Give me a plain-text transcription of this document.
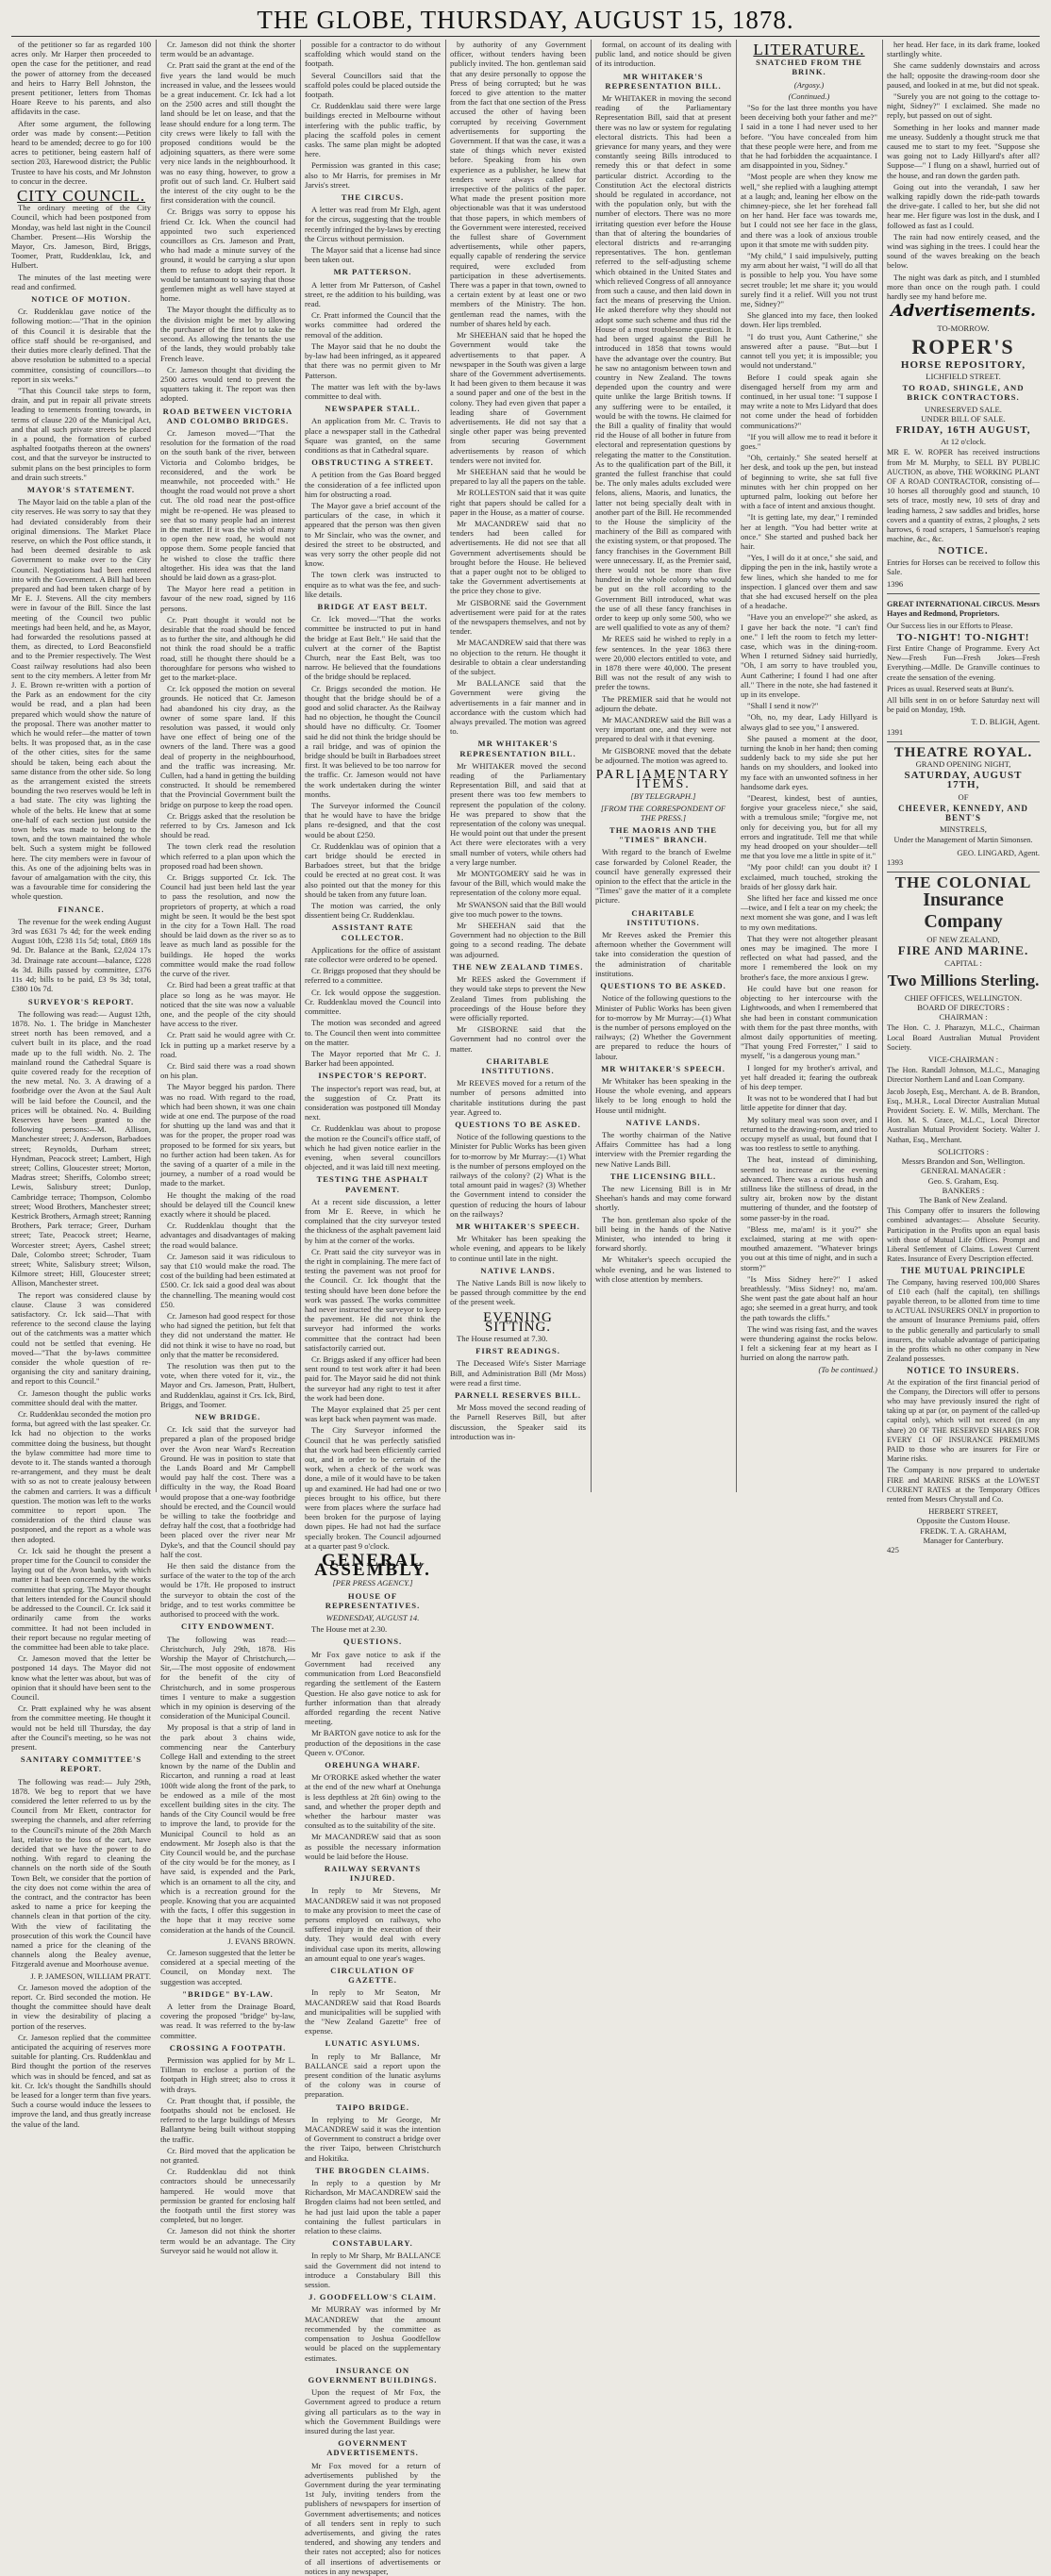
THE GLOBE, THURSDAY, AUGUST 15, 1878.

of the petitioner so far as regarded 100 acres only. Mr Harper then proceeded to open the case for the petitioner, and read the power of attorney from the deceased and heirs to Harry Bell Johnston, the present petitioner, letters from Thomas Hoare Reeve to his parents, and also affidavits in the case.

After some argument, the following order was made by consent:—Petition heard to be amended; decree to go for 100 acres to petitioner, being eastern half of section 203, Harewood district; the Public Trustee to have his costs, and Mr Johnston to concur in the decree.

CITY COUNCIL.

The ordinary meeting of the City Council, which had been postponed from Monday, was held last night in the Council Chamber. Present—His Worship the Mayor, Crs. Jameson, Bird, Briggs, Toomer, Pratt, Ruddenklau, Ick, and Hulbert.

The minutes of the last meeting were read and confirmed.

NOTICE OF MOTION.

Cr. Ruddenklau gave notice of the following motion:—"That in the opinion of this Council it is desirable that the office staff should be re-organised, and their duties more clearly defined. That the above resolution be submitted to a special committee, consisting of councillors—to report in six weeks."

"That this Council take steps to form, drain, and put in repair all private streets leading to tenements fronting towards, in terms of clause 220 of the Municipal Act, and that all such private streets be placed in a pound, the formation of curbed asphalted footpaths thereon at the owners' cost, and that the surveyor be instructed to submit plans on the best principles to form and drain such streets."

MAYOR'S STATEMENT.

The Mayor laid on the table a plan of the city reserves. He was sorry to say that they had deviated considerably from their original dimensions. The Market Place reserve, on which the Post office stands, it had been deemed desirable to ask Government to make over to the City Council. Negotiations had been entered into with the Government. A Bill had been prepared and had been taken charge of by Mr E. J. Stevens. All the city members were in favour of the Bill. Since the last meeting of the Council two public meetings had been held, and he, as Mayor, had forwarded the resolutions passed at them, as directed, to Lord Beaconsfield and to the Premier respectively. The West Coast railway resolutions had also been sent to the city members. A letter from Mr J. E. Brown re-written with a portion of the Park as an endowment for the city would be read, and a plan had been prepared which would show the nature of the proposal. There was another matter to which he would refer—the matter of town belts. It was proposed that, as in the case of the other cities, sites for the same should be taken, being each about the same distance from the other side. So long as the arrangement existed the streets bounding the two reserves would be left in a bad state. The city was lighting the whole of the belts. He knew that at some one-half of each section just outside the town belts was made to belong to the town, and the town maintained the whole belt. Such a system might be followed here. The city members were in favour of this. As one of the adjoining belts was in favour of amalgamation with the city, this was a favourable time for considering the whole question.

FINANCE.

The revenue for the week ending August 3rd was £631 7s 4d; for the week ending August 10th, £238 11s 5d; total, £869 18s 9d. Dr. Balance at the Bank, £2,024 17s 3d. Drainage rate account—balance, £228 4s 3d. Bills passed by committee, £376 11s 4d; bills to be paid, £3 9s 3d; total, £380 10s 7d.

SURVEYOR'S REPORT.

The following was read:— August 12th, 1878. No. 1. The bridge in Manchester street north has been removed, and a culvert built in its place, and the road made up to the full width. No. 2. The mainland round the Cathedral Square is quite covered ready for the reception of the new metal. No. 3. A drawing of a footbridge over the Avon at the Saul Ault will be laid before the Council, and the prices will be obtained. No. 4. Building Reserves have been granted to the following persons:—M. Allison, Manchester street; J. Anderson, Barbadoes street; Reynolds, Durham street; Hyndman, Peacock street; Lambert, High street; Collins, Gloucester street; Morton, Madras street; Sheriffs, Colombo street; Lewis, Salisbury street; Dunlop, Cambridge terrace; Thompson, Colombo street; Wood Brothers, Manchester street; Kestrick Brothers, Armagh street; Ranning Brothers, Park terrace; Greer, Durham street; Tate, Peacock street; Hearne, Worcester street; Ayers, Cashel street; Dale, Colombo street; Schroder, Tuam street; White, Salisbury street; Wilson, Kilmore street; Hill, Gloucester street; Allison, Manchester street.

The report was considered clause by clause. Clause 3 was considered satisfactory. Cr. Ick said—That with reference to the second clause the laying out of the catchments was a matter which could not be settled that evening. He moved—"That the by-laws committee consider the whole question of re-organising the city and sanitary draining, and report to this Council."

Cr. Jameson thought the public works committee should deal with the matter.

Cr. Ruddenklau seconded the motion pro forma, but agreed with the last speaker. Cr. Ick had no objection to the works committee doing the business, but thought the bylaw committee had more time to devote to it. The stands wanted a thorough re-arrangement, and they must be dealt with so as not to create jealousy between the cabmen and carriers. It was a difficult question. The motion was left to the works committee to report upon. The consideration of the third clause was postponed, and the report as a whole was then adopted.

Cr. Ick said he thought the present a proper time for the Council to consider the laying out of the Avon banks, with which matter it had been concerned by the works committee that spring. The Mayor thought that letters intended for the Council should be addressed to the Council. Cr. Ick said it ordinarily came from the works committee. It had not been included in their report because no regular meeting of the committee had been able to take place.

Cr. Jameson moved that the letter be postponed 14 days. The Mayor did not know what the letter was about, but was of opinion that it should have been sent to the Council.

Cr. Pratt explained why he was absent from the committee meeting. He thought it would not be held till Thursday, the day after the Council's meeting, so he was not present.

SANITARY COMMITTEE'S REPORT.

The following was read:— July 29th, 1878. We beg to report that we have considered the letter referred to us by the Council from Mr Ekett, contractor for sweeping the channels, and after referring to the Council's minute of the 28th March last, relative to the loss of the cart, have decided that we have the power to do nothing. With regard to cleaning the channels on the north side of the South Town Belt, we consider that the portion of the city does not come within the area of the contract, and the contractor has been asked to name a price for keeping the channels clean in that portion of the city. With the view of facilitating the prosecution of this work the Council have named a price for the cleaning of the channels along the Bealey avenue, Fitzgerald avenue and Moorhouse avenue.

J. P. JAMESON, WILLIAM PRATT.

Cr. Jameson moved the adoption of the report. Cr. Bird seconded the motion. He thought the committee should have dealt in view the desirability of placing a portion of the reserves.

Cr. Jameson replied that the committee anticipated the acquiring of reserves more suitable for planting. Crs. Ruddenklau and Bird thought the portion of the reserves which was in should be fenced, and sat as kit. Cr. Ick's thought the Sandhills should be leased for a longer term than five years. Such a course would induce the lessees to improve the land, and thus greatly increase the value of the land.

Cr. Jameson did not think the shorter term would be an advantage.

Cr. Pratt said the grant at the end of the five years the land would be much increased in value, and the lessees would be a great inducement. Cr. Ick had a lot on the 2500 acres and still thought the land should be let on lease, and that the lease should endure for a long term. The city crews were likely to fall with the proposed conditions would be the adjoining squatters, as there were some very nice lands in the neighbourhood. It was no easy thing, however, to grow a profit out of such land. Cr. Hulbert said the interest of the city ought to be the first consideration with the council.

Cr. Briggs was sorry to oppose his friend Cr. Ick. When the council had appointed two such experienced councillors as Crs. Jameson and Pratt, who had made a minute survey of the ground, it would be carrying a slur upon them to refuse to adopt their report. It would be tantamount to saying that those gentlemen might as well have stayed at home.

The Mayor thought the difficulty as to the division might be met by allowing the purchaser of the first lot to take the second. As allowing the tenants the use of the lands, they would probably take French leave.

Cr. Jameson thought that dividing the 2500 acres would tend to prevent the squatters taking it. The report was then adopted.

ROAD BETWEEN VICTORIA AND COLOMBO BRIDGES.

Cr. Jameson moved—"That the resolution for the formation of the road on the south bank of the river, between Victoria and Colombo bridges, be reconsidered, and the work be meanwhile, not proceeded with." He thought the road would not prove a short cut. The old road near the post-office might be re-opened. He was pleased to see that so many people had an interest in the matter. If it was the wish of many to open the new road, he would not oppose them. Some people fancied that he wished to close the traffic there altogether. His idea was that the land should be laid down as a grass-plot.

The Mayor here read a petition in favour of the new road, signed by 116 persons.

Cr. Pratt thought it would not be desirable that the road should be fenced as to further the site, and although he did not think the road should be a traffic road, still he thought there should be a thoroughfare for persons who wished to get to the market-place.

Cr. Ick opposed the motion on several grounds. He noticed that Cr. Jameson had abandoned his city dray, as the owner of some spare land. If this resolution was passed, it would only have one effect of being one of the owners of the land. There was a good deal of property in the neighbourhood, and the traffic was increasing. Mr. Cullen, had a hand in getting the building constructed. It should be remembered that the Provincial Government built the bridge on purpose to keep the road open.

Cr. Briggs asked that the resolution be referred to by Crs. Jameson and Ick should be read.

The town clerk read the resolution which referred to a plan upon which the proposed road had been shown.

Cr. Briggs supported Cr. Ick. The Council had just been held last the year to pass the resolution, and now the proprietors of property, at which a road might be seen. It would be the best spot in the city for a Town Hall. The road should be laid down as the river so as to leave as much land as possible for the buildings. He hoped the works committee would make the road follow the curve of the river.

Cr. Bird had been a great traffic at that place so long as he was mayor. He noticed that the site was now a valuable one, and the people of the city should have access to the river.

Cr. Pratt said he would agree with Cr. Ick in putting up a market reserve by a road.

Cr. Bird said there was a road shown on his plan.

The Mayor begged his pardon. There was no road. With regard to the road, which had been shown, it was one chain wide at one end. The purpose of the road for shutting up the land was and that it was for the proper, the proper road was proposed to be formed for six years, but no further action had been taken. As for the saving of a quarter of a mile in the journey, a number of a road would be made to the market.

He thought the making of the road should be delayed till the Council knew exactly where it should be placed.

Cr. Ruddenklau thought that the advantages and disadvantages of making the road would balance.

Cr. Jameson said it was ridiculous to say that £10 would make the road. The cost of the building had been estimated at £500. Cr. Ick said a good deal was about the channelling. The meaning would cost £50.

Cr. Jameson had good respect for those who had signed the petition, but felt that they did not understand the matter. He did not think it wise to have no road, but only that the matter be reconsidered.

The resolution was then put to the vote, when there voted for it, viz., the Mayor and Crs. Jameson, Pratt, Hulbert, and Ruddenklau, against it Crs. Ick, Bird, Briggs, and Toomer.

NEW BRIDGE.

Cr. Ick said that the surveyor had prepared a plan of the proposed bridge over the Avon near Ward's Recreation Ground. He was in position to state that the Lands Board and Mr Campbell would pay half the cost. There was a difficulty in the way, the Road Board would propose that a one-way footbridge should be erected, and the Council would be willing to take the footbridge and defray half the cost, that a footbridge had been placed over the river near Mr Dyke's, and that the Council should pay half the cost.

He then said the distance from the surface of the water to the top of the arch would be 17ft. He proposed to instruct the surveyor to obtain the cost of the bridge, and to test works committee be authorised to proceed with the work.

CITY ENDOWMENT.

The following was read:— Christchurch, July 29th, 1878. His Worship the Mayor of Christchurch,— Sir,—The most opposite of endowment for the benefit of the city of Christchurch, and in some prosperous times I venture to make a suggestion which in my opinion is deserving of the consideration of the Municipal Council.

My proposal is that a strip of land in the park about 3 chains wide, commencing near the Canterbury College Hall and extending to the street known by the name of the Dublin and Riccarton, and running a road at least 100ft wide along the front of the park, to be endowed as a mile of the most excellent building sites in the city. The hands of the City Council would be free to improve the land, to provide for the Municipal Council to hold as an endowment. Mr Joseph also is that the City Council would be, and the purchase of the city would be for the money, as I have said, is expended and the Park, which is an ornament to all the city, and which is a recreation ground for the people. Knowing that you are acquainted with the facts, I offer this suggestion in the hope that it may receive some consideration at the hands of the Council.

J. EVANS BROWN.

Cr. Jameson suggested that the letter be considered at a special meeting of the Council, on Monday next. The suggestion was accepted.

"BRIDGE" BY-LAW.

A letter from the Drainage Board, covering the proposed "bridge" by-law, was read. It was referred to the by-law committee.

CROSSING A FOOTPATH.

Permission was applied for by Mr L. Tillman to enclose a portion of the footpath in High street; also to cross it with drays.

Cr. Pratt thought that, if possible, the footpaths should not be enclosed. He referred to the large buildings of Messrs Ballantyne being built without stopping the traffic.

Cr. Bird moved that the application be not granted.

Cr. Ruddenklau did not think contractors should be unnecessarily hampered. He would move that permission be granted for enclosing half the footpath until the first storey was completed, but no longer.

Cr. Jameson did not think the shorter term would be an advantage. The City Surveyor said he would not allow it.

possible for a contractor to do without scaffolding which would stand on the footpath.

Several Councillors said that the scaffold poles could be placed outside the footpath.

Cr. Ruddenklau said there were large buildings erected in Melbourne without interfering with the public traffic, by placing the scaffold poles in cement casks. The same plan might be adopted here.

Permission was granted in this case; also to Mr Harris, for premises in Mr Jarvis's street.

THE CIRCUS.

A letter was read from Mr Elgh, agent for the circus, suggesting that the trouble recently infringed the by-laws by erecting the Circus without permission.

The Mayor said that a license had since been taken out.

MR PATTERSON.

A letter from Mr Patterson, of Cashel street, re the addition to his building, was read.

Cr. Pratt informed the Council that the works committee had ordered the removal of the addition.

The Mayor said that he no doubt the by-law had been infringed, as it appeared that there was no permit given to Mr Patterson.

The matter was left with the by-laws committee to deal with.

NEWSPAPER STALL.

An application from Mr. C. Travis to place a newspaper stall in the Cathedral Square was granted, on the same conditions as that in Cathedral square.

OBSTRUCTING A STREET.

A petition from the Gas Board begged the consideration of a fee inflicted upon him for obstructing a road.

The Mayor gave a brief account of the particulars of the case, in which it appeared that the person was then given to Mr Sinclair, who was the owner, and desired the street to be obstructed, and was very sorry the other people did not know.

The town clerk was instructed to enquire as to what was the fee, and such-like details.

BRIDGE AT EAST BELT.

Cr. Ick moved—"That the works committee be instructed to put in hand the bridge at East Belt." He said that the culvert at the corner of the Baptist Church, near the East Belt, was too narrow. He believed that the foundations of the bridge should be replaced.

Cr. Briggs seconded the motion. He thought that the bridge should be of a good and solid character. As the Railway had no objection, he thought the Council should have no difficulty. Cr. Toomer said he did not think the bridge should be a rail bridge, and was of opinion the bridge should be built in Barbadoes street first. It was believed to be too narrow for the traffic. Cr. Jameson would not have the work undertaken during the winter months.

The Surveyor informed the Council that he would have to have the bridge plans re-designed, and that the cost would be about £250.

Cr. Ruddenklau was of opinion that a cart bridge should be erected in Barbadoes street, but that the bridge could be erected at no great cost. It was also pointed out that the money for this should be taken from any future loan.

The motion was carried, the only dissentient being Cr. Ruddenklau.

ASSISTANT RATE COLLECTOR.

Applications for the office of assistant rate collector were ordered to be opened.

Cr. Briggs proposed that they should be referred to a committee.

Cr. Ick would oppose the suggestion. Cr. Ruddenklau moved the Council into committee.

The motion was seconded and agreed to. The Council then went into committee on the matter.

The Mayor reported that Mr C. J. Barker had been appointed.

INSPECTOR'S REPORT.

The inspector's report was read, but, at the suggestion of Cr. Pratt its consideration was postponed till Monday next.

Cr. Ruddenklau was about to propose the motion re the Council's office staff, of which he had given notice earlier in the evening, when several councillors objected, and it was laid till next meeting.

TESTING THE ASPHALT PAVEMENT.

At a recent side discussion, a letter from Mr E. Reeve, in which he complained that the city surveyor tested the thickness of the asphalt pavement laid by him at the corner of the works.

Cr. Pratt said the city surveyor was in the right in complaining. The mere fact of testing the pavement was not proof for the Council. Cr. Ick thought that the testing should have been done before the work was passed. The works committee had never instructed the surveyor to keep the pavement. He did not think the surveyor had informed the works committee that the contract had been satisfactorily carried out.

Cr. Briggs asked if any officer had been sent round to test work after it had been paid for. The Mayor said he did not think the surveyor had any right to test it after the work had been done.

The Mayor explained that 25 per cent was kept back when payment was made.

The City Surveyor informed the Council that he was perfectly satisfied that the work had been efficiently carried out, and in order to be certain of the work, when a check of the work was done, a mile of it would have to be taken up and examined. He had had one or two pieces brought to his office, but there were from places where the surface had been broken for the purpose of laying down pipes. He had not had the surface specially broken. The Council adjourned at a quarter past 9 o'clock.

GENERAL ASSEMBLY.
[PER PRESS AGENCY.]
HOUSE OF REPRESENTATIVES.
WEDNESDAY, AUGUST 14.

The House met at 2.30.

QUESTIONS.

Mr Fox gave notice to ask if the Government had received any communication from Lord Beaconsfield regarding the settlement of the Eastern Question. He also gave notice to ask for further information than that already afforded regarding the recent Native meeting.

Mr BARTON gave notice to ask for the production of the depositions in the case Queen v. O'Conor.

OREHUNGA WHARF.

Mr O'RORKE asked whether the water at the end of the new wharf at Onehunga is less depthless at 2ft 6in) owing to the sand, and whether the proper depth and whether the harbour master was consulted as to the suitability of the site.

Mr MACANDREW said that as soon as possible the necessary information would be laid before the House.

RAILWAY SERVANTS INJURED.

In reply to Mr Stevens, Mr MACANDREW said it was not proposed to make any provision to meet the case of persons employed on railways, who suffered injury in the execution of their duty. They would deal with every individual case upon its merits, allowing an amount equal to one year's wages.

CIRCULATION OF GAZETTE.

In reply to Mr Seaton, Mr MACANDREW said that Road Boards and municipalities will be supplied with the "New Zealand Gazette" free of expense.

LUNATIC ASYLUMS.

In reply to Mr Ballance, Mr BALLANCE said a report upon the present condition of the lunatic asylums of the colony was in course of preparation.

TAIPO BRIDGE.

In replying to Mr George, Mr MACANDREW said it was the intention of Government to construct a bridge over the river Taipo, between Christchurch and Hokitika.

THE BROGDEN CLAIMS.

In reply to a question by Mr Richardson, Mr MACANDREW said the Brogden claims had not been settled, and he had just laid upon the table a paper containing the fullest particulars in relation to these claims.

CONSTABULARY.

In reply to Mr Sharp, Mr BALLANCE said the Government did not intend to introduce a Constabulary Bill this session.

J. GOODFELLOW'S CLAIM.

Mr MURRAY was informed by Mr MACANDREW that the amount recommended by the committee as compensation to Joshua Goodfellow would be placed on the supplementary estimates.

INSURANCE ON GOVERNMENT BUILDINGS.

Upon the request of Mr Fox, the Government agreed to produce a return giving all particulars as to the way in which the Government Buildings were insured during the last year.

GOVERNMENT ADVERTISEMENTS.

Mr Fox moved for a return of advertisements published by the Government during the year terminating 1st July, inviting tenders from the publishers of newspapers for insertion of Government advertisements; and notices of all tenders sent in reply to such advertisements, and giving the rates tendered, and showing any tenders and their rates not accepted; also for notices of all insertions of advertisements or notices in any newspaper,

by authority of any Government officer, without tenders having been publicly invited. The hon. gentleman said that any desire personally to oppose the Press of being corrupted; but he was forced to give attention to the matter from the fact that one section of the Press accused the other of having been corrupted by receiving Government advertisements for supporting the Government. If that was the case, it was a state of things which never existed before. Speaking from his own experience as a publisher, he knew that tenders were always called for irrespective of the politics of the paper. What made the present position more objectionable was that it was understood that those papers, in which members of the Government were interested, received the fullest share of Government advertisements, while other papers, equally capable of rendering the service required, were excluded from participation in these advertisements. There was a paper in that town, owned to a certain extent by at least one or two members of the Ministry. The hon. gentleman read the names, with the number of shares held by each.

Mr SHEEHAN said that he hoped the Government would take the advertisements to that paper. A newspaper in the South was given a large share of the Government advertisements. It had been given to them because it was a sound paper and one of the best in the colony. They had even given that paper a leading share of Government advertisements. He did not say that a single other paper was being prevented from securing Government advertisements by reason of which tenders were not invited for.

Mr SHEEHAN said that he would be prepared to lay all the papers on the table.

Mr ROLLESTON said that it was quite right that papers should be called for a paper in the House, as a matter of course.

Mr MACANDREW said that no tenders had been called for advertisements. He did not see that all Government advertisements should be brought before the House. He believed that a paper ought not to be obliged to take the Government advertisements at the price they chose to give.

Mr GISBORNE said the Government advertisement were paid for at the rates of the newspapers themselves, and not by tender.

Mr MACANDREW said that there was no objection to the return. He thought it desirable to obtain a clear understanding of the subject.

Mr BALLANCE said that the Government were giving the advertisements in a fair manner and in accordance with the custom which had always prevailed. The motion was agreed to.

MR WHITAKER'S REPRESENTATION BILL.

Mr WHITAKER moved the second reading of the Parliamentary Representation Bill, and said that at present there was too few members to represent the population of the colony. He was prepared to show that the representation of the colony was unequal. He would point out that under the present Act there were electorates with a very small number of voters, while others had a very large number.

Mr MONTGOMERY said he was in favour of the Bill, which would make the representation of the colony more equal.

Mr SWANSON said that the Bill would give too much power to the towns.

Mr SHEEHAN said that the Government had no objection to the Bill going to a second reading. The debate was adjourned.

THE NEW ZEALAND TIMES.

Mr REES asked the Government if they would take steps to prevent the New Zealand Times from publishing the proceedings of the House before they were officially reported.

Mr GISBORNE said that the Government had no control over the matter.

CHARITABLE INSTITUTIONS.

Mr REEVES moved for a return of the number of persons admitted into charitable institutions during the past year. Agreed to.

QUESTIONS TO BE ASKED.

Notice of the following questions to the Minister for Public Works has been given for to-morrow by Mr Murray:—(1) What is the number of persons employed on the railways of the colony? (2) What is the total amount paid in wages? (3) Whether the Government intend to consider the question of reducing the hours of labour on the railways?

MR WHITAKER'S SPEECH.

Mr Whitaker has been speaking the whole evening, and appears to be likely to continue until late in the night.

NATIVE LANDS.

The Native Lands Bill is now likely to be passed through committee by the end of the present week.

EVENING SITTING.

The House resumed at 7.30.

FIRST READINGS.

The Deceased Wife's Sister Marriage Bill, and Administration Bill (Mr Moss) were read a first time.

PARNELL RESERVES BILL.

Mr Moss moved the second reading of the Parnell Reserves Bill, but after discussion, the Speaker said its introduction was in-

formal, on account of its dealing with public land, and notice should be given of its introduction.

MR WHITAKER'S REPRESENTATION BILL.

Mr WHITAKER in moving the second reading of the Parliamentary Representation Bill, said that at present there was no law or system for regulating electoral districts. This had been a grievance for many years, and they were constantly seeing Bills introduced to remedy this or that defect in some particular district. According to the Constitution Act the electoral districts should be regulated in accordance, not with the population only, but with the number of electors. There was no more irritating question ever before the House than that of altering the boundaries of electoral districts and re-arranging representatives. The hon. gentleman referred to the self-adjusting scheme which obtained in the United States and which relieved Congress of all annoyance from such a cause, and then laid down in fact the means of preserving the Union. He asked therefore why they should not adopt some such scheme and thus rid the House of a most troublesome question. It had been urged against the Bill he introduced in 1858 that towns would have the advantage over the country. But he saw no antagonism between town and country in New Zealand. The towns depended upon the country and were quite unlike the large British towns. If any suffering were to be entailed, it would be with the towns. He claimed for the Bill a quality of finality that would rid the House of all bother in future from electoral and representation questions by relegating the matter to the Constitution. As to the qualification part of the Bill, it granted the fullest franchise that could be. The only males adults excluded were felons, aliens, Maoris, and lunatics, the latter not being specially dealt with in another part of the Bill. He recommended to the House the simplicity of the machinery of the Bill as compared with the existing system, or that proposed. The fancy franchises in the Government Bill were unnecessary. If, as the Premier said, there would not be more than five hundred in the whole colony who would be put on the roll according to the Government Bill introduced, what was the use of all these fancy franchises in order to keep up only some 500, who we are well qualified to vote as any of them?

Mr REES said he wished to reply in a few sentences. In the year 1863 there were 20,000 electors entitled to vote, and in 1878 there were 40,000. The present Bill was not the result of any wish to prefer the towns.

The PREMIER said that he would not adjourn the debate.

Mr MACANDREW said the Bill was a very important one, and they were not prepared to deal with it that evening.

Mr GISBORNE moved that the debate be adjourned. The motion was agreed to.

PARLIAMENTARY ITEMS.
[BY TELEGRAPH.]
[FROM THE CORRESPONDENT OF THE PRESS.]
THE MAORIS AND THE "TIMES" BRANCH.

With regard to the branch of Ewelme case forwarded by Colonel Reader, the council have generally expressed their opinion to the effect that the article in the "Times" gave the matter of it a complete picture.

CHARITABLE INSTITUTIONS.

Mr Reeves asked the Premier this afternoon whether the Government will take into consideration the question of the administration of charitable institutions.

QUESTIONS TO BE ASKED.

Notice of the following questions to the Minister of Public Works has been given for to-morrow by Mr Murray:—(1) What is the number of persons employed on the railways; (2) Whether the Government are prepared to reduce the hours of labour.

MR WHITAKER'S SPEECH.

Mr Whitaker has been speaking in the House the whole evening, and appears likely to be long enough to hold the House until midnight.

NATIVE LANDS.

The worthy chairman of the Native Affairs Committee has had a long interview with the Premier regarding the new Native Lands Bill.

THE LICENSING BILL.

The new Licensing Bill is in Mr Sheehan's hands and may come forward shortly.

The hon. gentleman also spoke of the bill being in the hands of the Native Minister, who intended to bring it forward shortly.

Mr Whitaker's speech occupied the whole evening, and he was listened to with close attention by members.

LITERATURE.
SNATCHED FROM THE BRINK.
(Argosy.)
(Continued.)

"So for the last three months you have been deceiving both your father and me?" I said in a tone I had never used to her before. "You have concealed from him that these people were here, and from me that he had forbidden the acquaintance. I am disappointed in you, Sidney."

"Most people are when they know me well," she replied with a laughing attempt at a laugh; and, leaning her elbow on the chimney-piece, she let her forehead fall on her hand. Her face was towards me, but I could not see her face in the glass, and there was a look of anxious trouble upon it that smote me with sudden pity.

"My child," I said impulsively, putting my arm about her waist, "I will do all that is possible to help you. You have some secret trouble; let me share it; you would surely find it a relief. Will you not trust me, Sidney?"

She glanced into my face, then looked down. Her lips trembled.

"I do trust you, Aunt Catherine," she answered after a pause. "But—but I cannot tell you yet; it is impossible; you would not understand."

Before I could speak again she disengaged herself from my arm and continued, in her usual tone: "I suppose I may write a note to Mrs Lidyard that does not come under the head of forbidden communications?"

"If you will allow me to read it before it goes."

"Oh, certainly." She seated herself at her desk, and took up the pen, but instead of beginning to write, she sat full five minutes with her chin propped on her upturned palm, looking out before her with a face of intent and anxious thought.

"It is getting late, my dear," I reminded her at length. "You had better write at once." She started and pushed back her hair.

"Yes, I will do it at once," she said, and dipping the pen in the ink, hastily wrote a few lines, which she handed to me for inspection. I glanced over them and saw that she had excused herself on the plea of a headache.

"Have you an envelope?" she asked, as I gave her back the note. "I can't find one." I left the room to fetch my letter-case, which was in the dining-room. When I returned Sidney said hurriedly, "Oh, I am sorry to have troubled you, Aunt Catherine; I found I had one after all." There in the note, she had fastened it up in its envelope.

"Shall I send it now?"

"Oh, no, my dear, Lady Hillyard is always glad to see you," I answered.

She paused a moment at the door, turning the knob in her hand; then coming suddenly back to my side she put her hands on my shoulders, and looked into my face with an unwonted softness in her handsome dark eyes.

"Dearest, kindest, best of aunties, forgive your graceless niece," she said, with a tremulous smile; "forgive me, not only for deceiving you, but for all my errors and ingratitude. Tell me that while my head drooped on your shoulder—tell me that you love me a little in spite of it."

"My poor child! can you doubt it? I exclaimed, much touched, stroking the braids of her glossy dark hair.

She lifted her face and kissed me once—twice, and I felt a tear on my cheek; the next moment she was gone, and I was left to my own meditations.

That they were not altogether pleasant ones may be imagined. The more I reflected on what had passed, and the more I remembered the look on my brother's face, the more anxious I grew.

He could have but one reason for objecting to her intercourse with the Lightwoods, and when I remembered that she had been in constant communication with them for the past three months, with almost daily opportunities of meeting. "That young Fred Forrester," I said to myself, "is a dangerous young man."

I longed for my brother's arrival, and yet half dreaded it; fearing the outbreak of his deep temper.

It was not to be wondered that I had but little appetite for dinner that day.

My solitary meal was soon over, and I returned to the drawing-room, and tried to occupy myself as usual, but found that I was too restless to settle to anything.

The heat, instead of diminishing, seemed to increase as the evening advanced. There was a curious hush and stillness like the stillness of dread, in the sultry air, broken now by the distant muttering of thunder, and the footstep of some passer-by in the road.

"Bless me, ma'am! is it you?" she exclaimed, staring at me with open-mouthed amazement. "Whatever brings you out at this time of night, and in such a storm?"

"Is Miss Sidney here?" I asked breathlessly. "Miss Sidney! no, ma'am. She went past the gate about half an hour ago; she seemed in a great hurry, and took the path towards the cliffs."

The wind was rising fast, and the waves were thundering against the rocks below. I felt a sickening fear at my heart as I hurried on along the narrow path.

(To be continued.)

her head. Her face, in its dark frame, looked startlingly white.

She came suddenly downstairs and across the hall; opposite the drawing-room door she paused, and looked in at me, but did not speak.

"Surely you are not going to the cottage to-night, Sidney?" I exclaimed. She made no reply, but passed on out of sight.

Something in her looks and manner made me uneasy. Suddenly a thought struck me that caused me to start to my feet. "Suppose she was going not to Lady Hillyard's after all? Suppose—" I flung on a shawl, hurried out of the house, and ran down the garden path.

Going out into the verandah, I saw her walking rapidly down the ride-path towards the drive-gate. I called to her, but she did not hear me. Her figure was lost in the dusk, and I followed as fast as I could.

The rain had now entirely ceased, and the wind was sighing in the trees. I could hear the sound of the waves breaking on the beach below.

The night was dark as pitch, and I stumbled more than once on the rough path. I could hardly see my hand before me.

Advertisements.
TO-MORROW.
ROPER'S
HORSE REPOSITORY,
LICHFIELD STREET.
TO ROAD, SHINGLE, AND BRICK CONTRACTORS.
UNRESERVED SALE.
UNDER BILL OF SALE.
FRIDAY, 16TH AUGUST,
At 12 o'clock.
MR E. W. ROPER has received instructions from Mr M. Murphy, to SELL BY PUBLIC AUCTION, as above, THE WORKING PLANT OF A ROAD CONTRACTOR, consisting of—10 horses all thoroughly good and staunch, 10 sets of trace, mostly new, 10 sets of dray and leading harness, 2 saw saddles and bridles, horse covers and a quantity of extras, 2 ploughs, 2 sets harrows, 6 road scrapers, 1 Samuelson's reaping machine, &c., &c.
NOTICE.
Entries for Horses can be received to follow this Sale.
1396
GREAT INTERNATIONAL CIRCUS. Messrs Hayes and Redmond, Proprietors.
Our Success lies in our Efforts to Please.
TO-NIGHT! TO-NIGHT!
First Entire Change of Programme. Every Act New—Fresh Fun—Fresh Jokes—Fresh Everything.—Mdlle. De Granville continues to create the sensation of the evening.
Prices as usual. Reserved seats at Bunz's.
All bills sent in on or before Saturday next will be paid on Monday, 19th.
T. D. BLIGH, Agent.
1391
THEATRE ROYAL.
GRAND OPENING NIGHT,
SATURDAY, AUGUST 17TH,
OF
CHEEVER, KENNEDY, AND BENT'S
MINSTRELS,
Under the Management of Martin Simonsen.
GEO. LINGARD, Agent.
1393
THE COLONIAL
Insurance Company
OF NEW ZEALAND,
FIRE AND MARINE.
CAPITAL :
Two Millions Sterling.
CHIEF OFFICES, WELLINGTON.
BOARD OF DIRECTORS :
CHAIRMAN :
The Hon. C. J. Pharazyn, M.L.C., Chairman Local Board Australian Mutual Provident Society.
VICE-CHAIRMAN :
The Hon. Randall Johnson, M.L.C., Managing Director Northern Land and Loan Company.
Jacob Joseph, Esq., Merchant. A. de B. Brandon, Esq., M.H.R., Local Director Australian Mutual Provident Society. E. W. Mills, Merchant. The Hon. M. S. Grace, M.L.C., Local Director Australian Mutual Provident Society. Walter J. Nathan, Esq., Merchant.
SOLICITORS :
Messrs Brandon and Son, Wellington.
GENERAL MANAGER :
Geo. S. Graham, Esq.
BANKERS :
The Bank of New Zealand.
This Company offer to insurers the following combined advantages:— Absolute Security. Participation in the Profits upon an equal basis with those of Mutual Life Offices. Prompt and Liberal Settlement of Claims. Lowest Current Rates. Insurance of Every Description effected.
THE MUTUAL PRINCIPLE
The Company, having reserved 100,000 Shares of £10 each (half the capital), ten shillings payable thereon, to be allotted from time to time to ACTUAL INSURERS ONLY in proportion to the amount of Insurance Premiums paid, offers to the public generally and particularly to small insurers, the valuable advantage of participating in the profits which no other company in New Zealand possesses.
NOTICE TO INSURERS.
At the expiration of the first financial period of the Company, the Directors will offer to persons who may have previously insured the right of taking up at par (or, on payment of the called-up capital only), which will not exceed (in any share) 20 OF THE RESERVED SHARES FOR EVERY £1 OF INSURANCE PREMIUMS PAID to those who are insurers for Fire or Marine risks.
The Company is now prepared to undertake FIRE and MARINE RISKS at the LOWEST CURRENT RATES at the Temporary Offices rented from Messrs Chrystall and Co.
HERBERT STREET,
Opposite the Custom House.
FREDK. T. A. GRAHAM,
Manager for Canterbury.
425
